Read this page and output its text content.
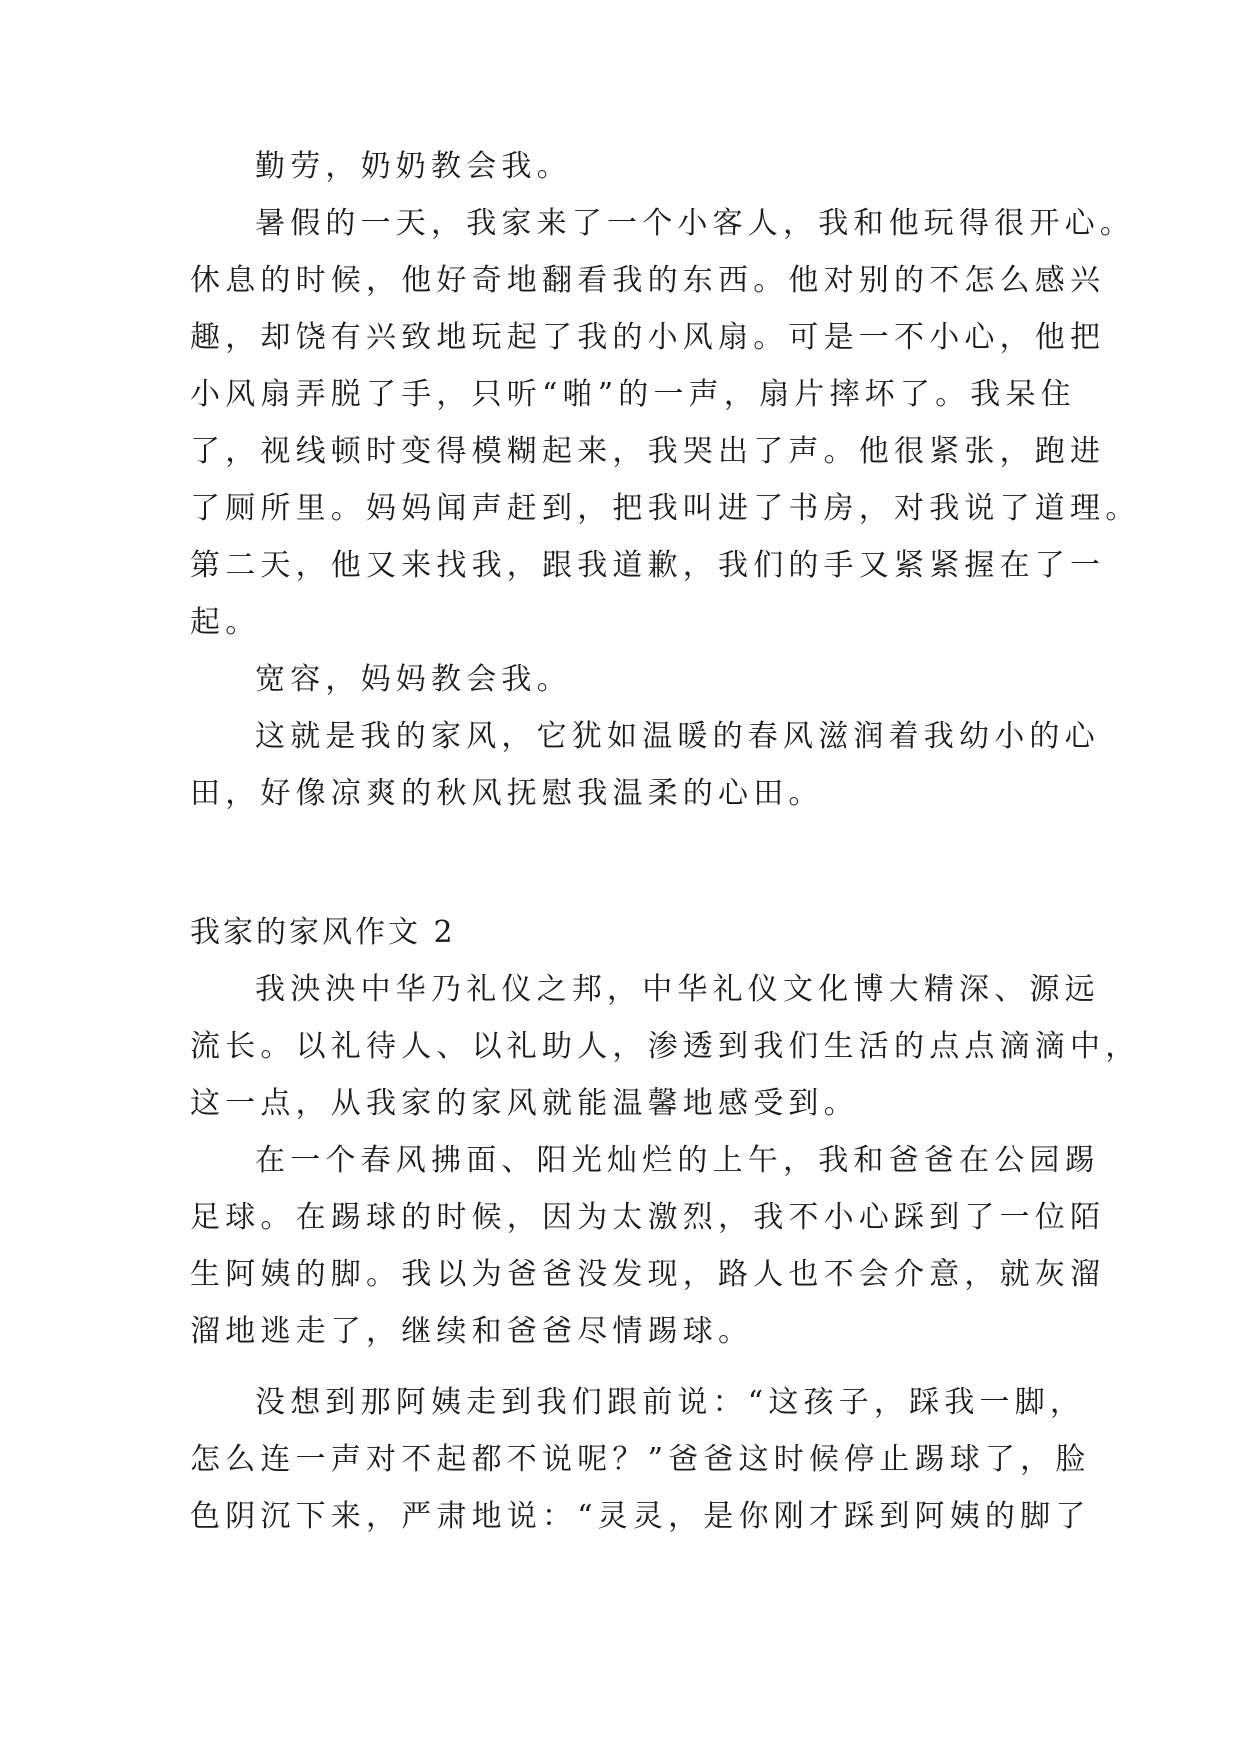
勤劳，奶奶教会我。
暑假的一天，我家来了一个小客人，我和他玩得很开心。
休息的时候，他好奇地翻看我的东西。他对别的不怎么感兴
趣，却饶有兴致地玩起了我的小风扇。可是一不小心，他把
小风扇弄脱了手，只听“啪”的一声，扇片摔坏了。我呆住
了，视线顿时变得模糊起来，我哭出了声。他很紧张，跑进
了厕所里。妈妈闻声赶到，把我叫进了书房，对我说了道理。
第二天，他又来找我，跟我道歉，我们的手又紧紧握在了一
起。
宽容，妈妈教会我。
这就是我的家风，它犹如温暖的春风滋润着我幼小的心
田，好像凉爽的秋风抚慰我温柔的心田。
我家的家风作文 2
我泱泱中华乃礼仪之邦，中华礼仪文化博大精深、源远
流长。以礼待人、以礼助人，渗透到我们生活的点点滴滴中，
这一点，从我家的家风就能温馨地感受到。
在一个春风拂面、阳光灿烂的上午，我和爸爸在公园踢
足球。在踢球的时候，因为太激烈，我不小心踩到了一位陌
生阿姨的脚。我以为爸爸没发现，路人也不会介意，就灰溜
溜地逃走了，继续和爸爸尽情踢球。
没想到那阿姨走到我们跟前说：“这孩子，踩我一脚，
怎么连一声对不起都不说呢？”爸爸这时候停止踢球了，脸
色阴沉下来，严肃地说：“灵灵，是你刚才踩到阿姨的脚了
